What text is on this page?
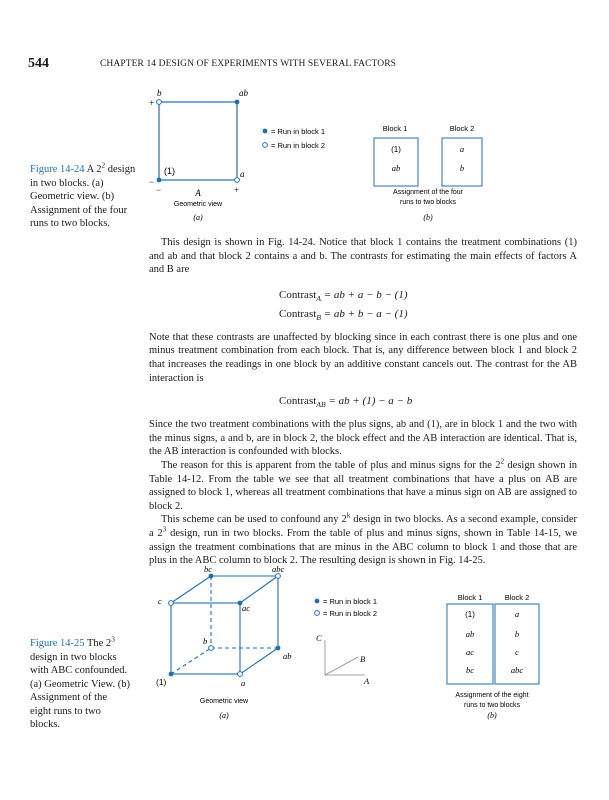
544	CHAPTER 14 DESIGN OF EXPERIMENTS WITH SEVERAL FACTORS
Figure 14-24 A $2^2$ design in two blocks. (a) Geometric view. (b) Assignment of the four runs to two blocks.
b	ab
(1)	a
+
−
−	+
A
Geometric view
(a)
= Run in block 1
= Run in block 2
Block 1	Block 2
(1)
ab
a
b
Assignment of the four
runs to two blocks
(b)

This design is shown in Fig. 14-24. Notice that block 1 contains the treatment combinations (1) and ab and that block 2 contains a and b. The contrasts for estimating the main effects of factors A and B are

Contrast$_A$ = ab + a − b − (1)
Contrast$_B$ = ab + b − a − (1)

Note that these contrasts are unaffected by blocking since in each contrast there is one plus and one minus treatment combination from each block. That is, any difference between block 1 and block 2 that increases the readings in one block by an additive constant cancels out. The contrast for the AB interaction is

Contrast$_{AB}$ = ab + (1) − a − b

Since the two treatment combinations with the plus signs, ab and (1), are in block 1 and the two with the minus signs, a and b, are in block 2, the block effect and the AB interaction are identical. That is, the AB interaction is confounded with blocks.

The reason for this is apparent from the table of plus and minus signs for the $2^2$ design shown in Table 14-12. From the table we see that all treatment combinations that have a plus on AB are assigned to block 1, whereas all treatment combinations that have a minus sign on AB are assigned to block 2.

This scheme can be used to confound any 2$^k$ design in two blocks. As a second example, consider a $2^3$ design, run in two blocks. From the table of plus and minus signs, shown in Table 14-15, we assign the treatment combinations that are minus in the ABC column to block 1 and those that are plus in the ABC column to block 2. The resulting design is shown in Fig. 14-25.

Figure 14-25 The $2^3$ design in two blocks with ABC confounded. (a) Geometric View. (b) Assignment of the eight runs to two blocks.
bc	abc
c
ac
b
ab
(1)	a
Geometric view
(a)
= Run in block 1
= Run in block 2
C
B
A
Block 1	Block 2
(1)
ab
ac
bc
a
b
c
abc
Assignment of the eight
runs to two blocks
(b)
